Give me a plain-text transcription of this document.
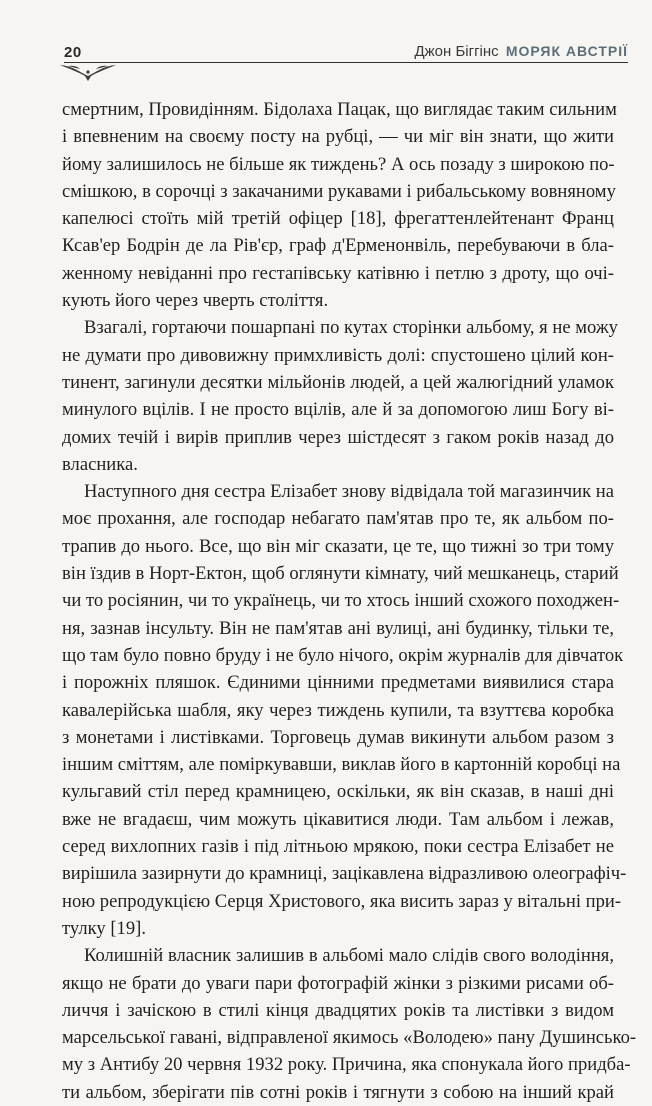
20	Джон Біггінс МОРЯК АВСТРІЇ

смертним, Провидінням. Бідолаха Пацак, що виглядає таким сильним
і впевненим на своєму посту на рубці, — чи міг він знати, що жити
йому залишилось не більше як тиждень? А ось позаду з широкою по-
смішкою, в сорочці з закачаними рукавами і рибальському вовняному
капелюсі стоїть мій третій офіцер [18], фрегаттенлейтенант Франц
Ксав'ер Бодрін де ла Рів'єр, граф д'Ерменонвіль, перебуваючи в бла-
женному невіданні про гестапівську катівню і петлю з дроту, що очі-
кують його через чверть століття.

Взагалі, гортаючи пошарпані по кутах сторінки альбому, я не можу
не думати про дивовижну примхливість долі: спустошено цілий кон-
тинент, загинули десятки мільйонів людей, а цей жалюгідний уламок
минулого вцілів. І не просто вцілів, але й за допомогою лиш Богу ві-
домих течій і вирів приплив через шістдесят з гаком років назад до
власника.

Наступного дня сестра Елізабет знову відвідала той магазинчик на
моє прохання, але господар небагато пам'ятав про те, як альбом по-
трапив до нього. Все, що він міг сказати, це те, що тижні зо три тому
він їздив в Норт-Ектон, щоб оглянути кімнату, чий мешканець, старий
чи то росіянин, чи то українець, чи то хтось інший схожого походжен-
ня, зазнав інсульту. Він не пам'ятав ані вулиці, ані будинку, тільки те,
що там було повно бруду і не було нічого, окрім журналів для дівчаток
і порожніх пляшок. Єдиними цінними предметами виявилися стара
кавалерійська шабля, яку через тиждень купили, та взуттєва коробка
з монетами і листівками. Торговець думав викинути альбом разом з
іншим сміттям, але поміркувавши, виклав його в картонній коробці на
кульгавий стіл перед крамницею, оскільки, як він сказав, в наші дні
вже не вгадаєш, чим можуть цікавитися люди. Там альбом і лежав,
серед вихлопних газів і під літньою мрякою, поки сестра Елізабет не
вирішила зазирнути до крамниці, зацікавлена відразливою олеографіч-
ною репродукцією Серця Христового, яка висить зараз у вітальні при-
тулку [19].

Колишній власник залишив в альбомі мало слідів свого володіння,
якщо не брати до уваги пари фотографій жінки з різкими рисами об-
личчя і зачіскою в стилі кінця двадцятих років та листівки з видом
марсельської гавані, відправленої якимось «Володею» пану Душинсько-
му з Антибу 20 червня 1932 року. Причина, яка спонукала його придба-
ти альбом, зберігати пів сотні років і тягнути з собою на інший край
